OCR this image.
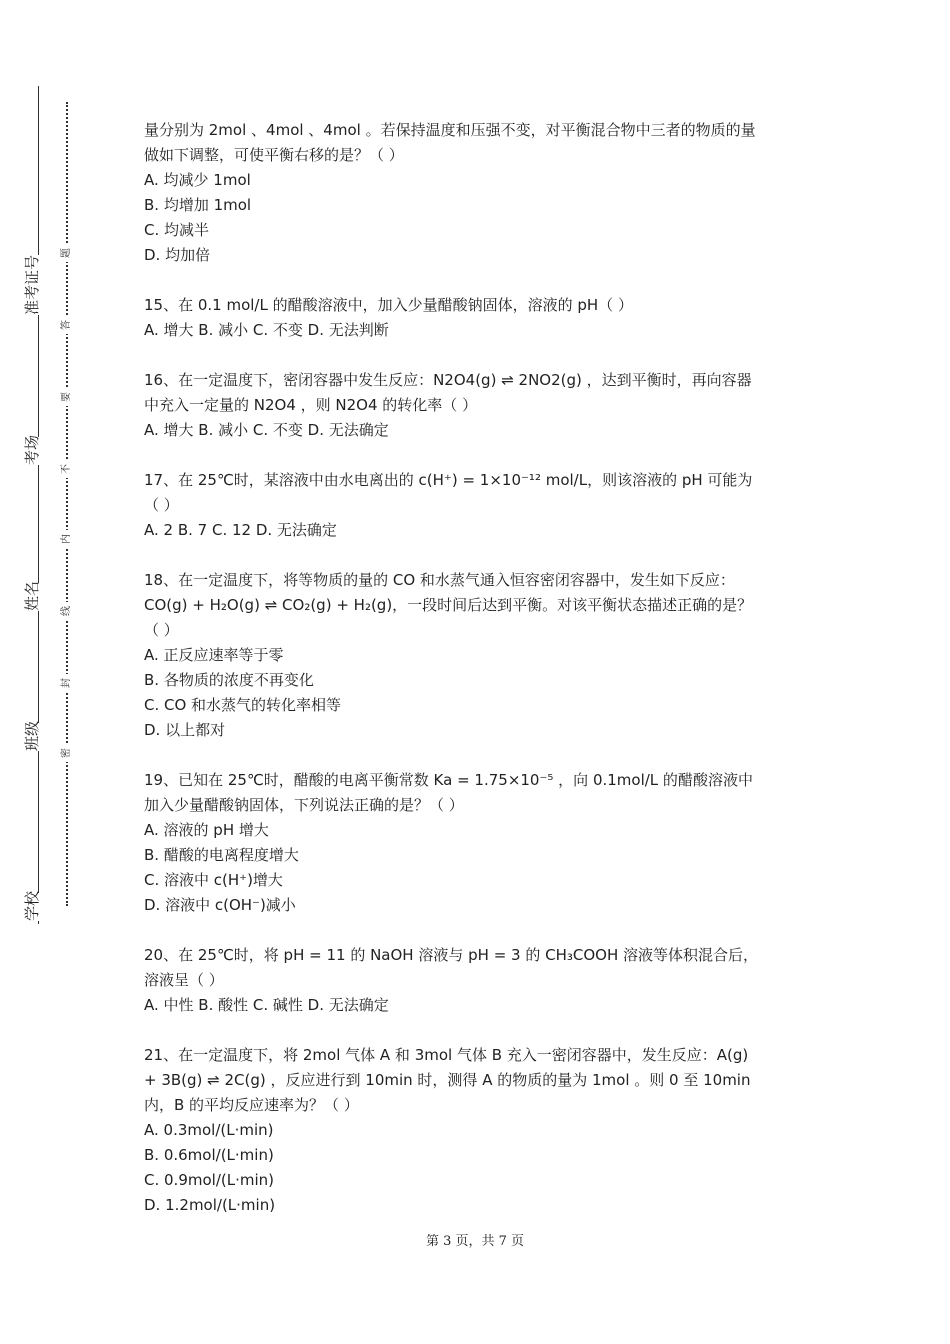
学校
班级
姓名
考场
准考证号
密
封
线
内
不
要
答
题
量分别为 2mol 、4mol 、4mol 。若保持温度和压强不变，对平衡混合物中三者的物质的量
做如下调整，可使平衡右移的是？（ ）
A. 均减少 1mol
B. 均增加 1mol
C. 均减半
D. 均加倍
15、在 0.1 mol/L 的醋酸溶液中，加入少量醋酸钠固体，溶液的 pH（ ）
A. 增大 B. 减小 C. 不变 D. 无法判断
16、在一定温度下，密闭容器中发生反应：N2O4(g) ⇌ 2NO2(g) ，达到平衡时，再向容器
中充入一定量的 N2O4 ，则 N2O4 的转化率（ ）
A. 增大 B. 减小 C. 不变 D. 无法确定
17、在 25℃时，某溶液中由水电离出的 c(H⁺) = 1×10⁻¹² mol/L，则该溶液的 pH 可能为
（ ）
A. 2 B. 7 C. 12 D. 无法确定
18、在一定温度下，将等物质的量的 CO 和水蒸气通入恒容密闭容器中，发生如下反应：
CO(g) + H₂O(g) ⇌ CO₂(g) + H₂(g)，一段时间后达到平衡。对该平衡状态描述正确的是？
（ ）
A. 正反应速率等于零
B. 各物质的浓度不再变化
C. CO 和水蒸气的转化率相等
D. 以上都对
19、已知在 25℃时，醋酸的电离平衡常数 Ka = 1.75×10⁻⁵ ，向 0.1mol/L 的醋酸溶液中
加入少量醋酸钠固体，下列说法正确的是？（ ）
A. 溶液的 pH 增大
B. 醋酸的电离程度增大
C. 溶液中 c(H⁺)增大
D. 溶液中 c(OH⁻)减小
20、在 25℃时，将 pH = 11 的 NaOH 溶液与 pH = 3 的 CH₃COOH 溶液等体积混合后，
溶液呈（ ）
A. 中性 B. 酸性 C. 碱性 D. 无法确定
21、在一定温度下，将 2mol 气体 A 和 3mol 气体 B 充入一密闭容器中，发生反应：A(g)
+ 3B(g) ⇌ 2C(g) ，反应进行到 10min 时，测得 A 的物质的量为 1mol 。则 0 至 10min
内，B 的平均反应速率为？（ ）
A. 0.3mol/(L·min)
B. 0.6mol/(L·min)
C. 0.9mol/(L·min)
D. 1.2mol/(L·min)
第 3 页，共 7 页
